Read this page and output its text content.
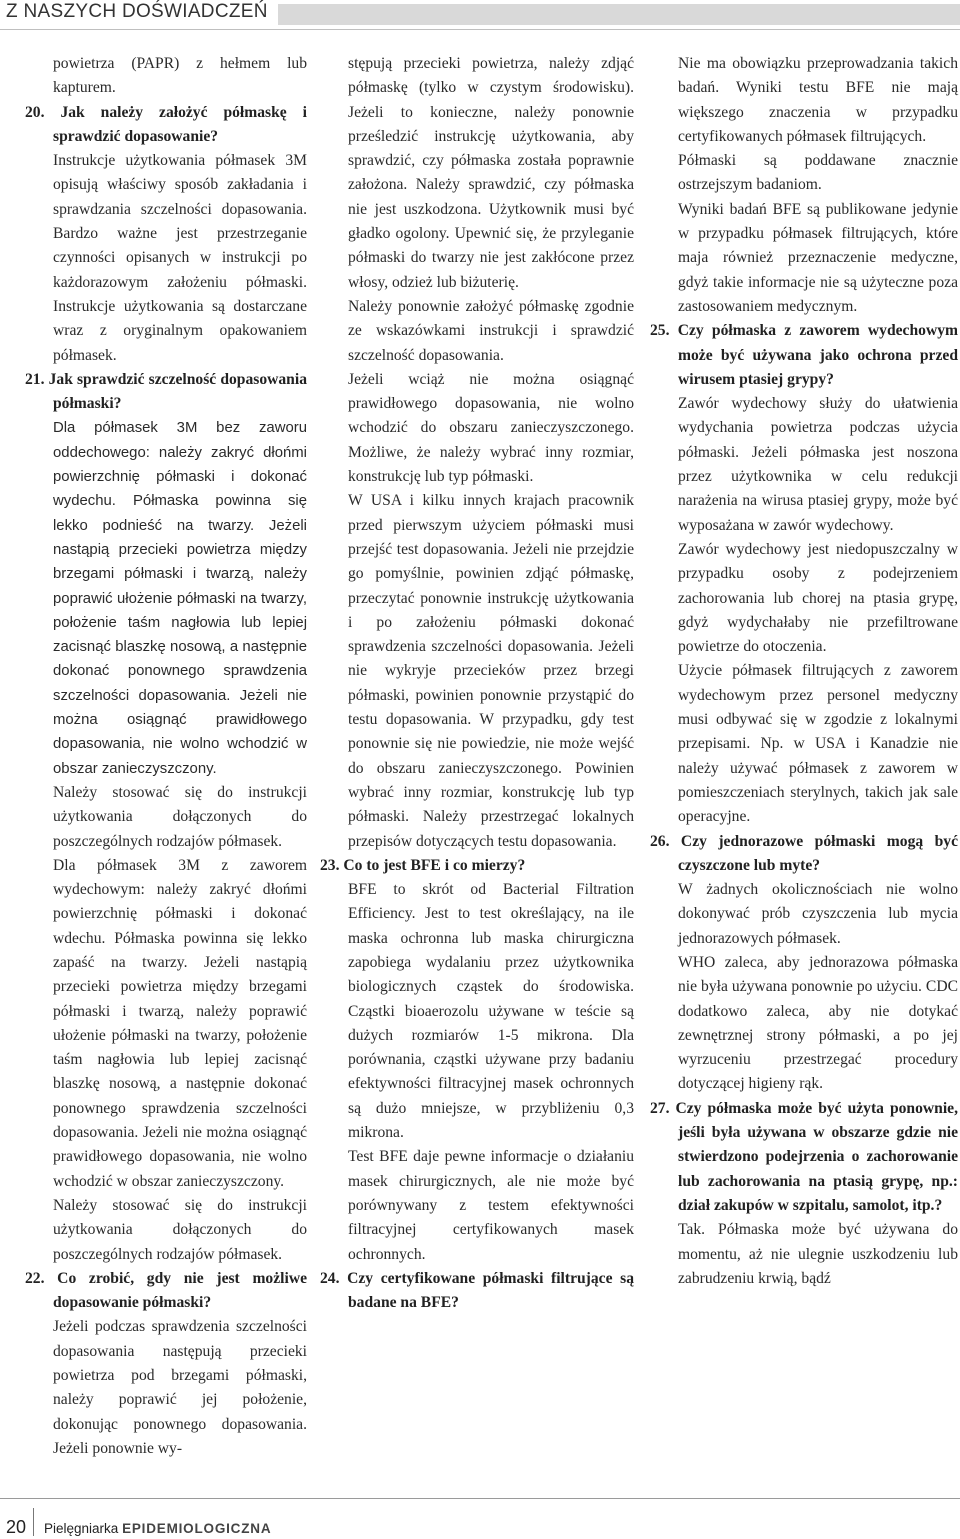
Z NASZYCH DOŚWIADCZEŃ

powietrza (PAPR) z hełmem lub kapturem.

20. Jak należy założyć półmaskę i sprawdzić dopasowanie?

Instrukcje użytkowania półmasek 3M opisują właściwy sposób zakładania i sprawdzania szczelności dopasowania. Bardzo ważne jest przestrzeganie czynności opisanych w instrukcji po każdorazowym założeniu półmaski. Instrukcje użytkowania są dostarczane wraz z oryginalnym opakowaniem półmasek.

21. Jak sprawdzić szczelność dopasowania półmaski?

Dla półmasek 3M bez zaworu oddechowego: należy zakryć dłońmi powierzchnię półmaski i dokonać wydechu. Półmaska powinna się lekko podnieść na twarzy. Jeżeli nastąpią przecieki powietrza między brzegami półmaski i twarzą, należy poprawić ułożenie półmaski na twarzy, położenie taśm nagłowia lub lepiej zacisnąć blaszkę nosową, a następnie dokonać ponownego sprawdzenia szczelności dopasowania. Jeżeli nie można osiągnąć prawidłowego dopasowania, nie wolno wchodzić w obszar zanieczyszczony.

Należy stosować się do instrukcji użytkowania dołączonych do poszczególnych rodzajów półmasek.

Dla półmasek 3M z zaworem wydechowym: należy zakryć dłońmi powierzchnię półmaski i dokonać wdechu. Półmaska powinna się lekko zapaść na twarzy. Jeżeli nastąpią przecieki powietrza między brzegami półmaski i twarzą, należy poprawić ułożenie półmaski na twarzy, położenie taśm nagłowia lub lepiej zacisnąć blaszkę nosową, a następnie dokonać ponownego sprawdzenia szczelności dopasowania. Jeżeli nie można osiągnąć prawidłowego dopasowania, nie wolno wchodzić w obszar zanieczyszczony.

Należy stosować się do instrukcji użytkowania dołączonych do poszczególnych rodzajów półmasek.

22. Co zrobić, gdy nie jest możliwe dopasowanie półmaski?

Jeżeli podczas sprawdzenia szczelności dopasowania następują przecieki powietrza pod brzegami półmaski, należy poprawić jej położenie, dokonując ponownego dopasowania. Jeżeli ponownie wy-

stępują przecieki powietrza, należy zdjąć półmaskę (tylko w czystym środowisku). Jeżeli to konieczne, należy ponownie prześledzić instrukcję użytkowania, aby sprawdzić, czy półmaska została poprawnie założona. Należy sprawdzić, czy półmaska nie jest uszkodzona. Użytkownik musi być gładko ogolony. Upewnić się, że przyleganie półmaski do twarzy nie jest zakłócone przez włosy, odzież lub biżuterię.

Należy ponownie założyć półmaskę zgodnie ze wskazówkami instrukcji i sprawdzić szczelność dopasowania.

Jeżeli wciąż nie można osiągnąć prawidłowego dopasowania, nie wolno wchodzić do obszaru zanieczyszczonego. Możliwe, że należy wybrać inny rozmiar, konstrukcję lub typ półmaski.

W USA i kilku innych krajach pracownik przed pierwszym użyciem półmaski musi przejść test dopasowania. Jeżeli nie przejdzie go pomyślnie, powinien zdjąć półmaskę, przeczytać ponownie instrukcję użytkowania i po założeniu półmaski dokonać sprawdzenia szczelności dopasowania. Jeżeli nie wykryje przecieków przez brzegi półmaski, powinien ponownie przystąpić do testu dopasowania. W przypadku, gdy test ponownie się nie powiedzie, nie może wejść do obszaru zanieczyszczonego. Powinien wybrać inny rozmiar, konstrukcję lub typ półmaski. Należy przestrzegać lokalnych przepisów dotyczących testu dopasowania.

23. Co to jest BFE i co mierzy?

BFE to skrót od Bacterial Filtration Efficiency. Jest to test określający, na ile maska ochronna lub maska chirurgiczna zapobiega wydalaniu przez użytkownika biologicznych cząstek do środowiska. Cząstki bioaerozolu używane w teście są dużych rozmiarów 1-5 mikrona. Dla porównania, cząstki używane przy badaniu efektywności filtracyjnej masek ochronnych są dużo mniejsze, w przybliżeniu 0,3 mikrona.

Test BFE daje pewne informacje o działaniu masek chirurgicznych, ale nie może być porównywany z testem efektywności filtracyjnej certyfikowanych masek ochronnych.

24. Czy certyfikowane półmaski filtrujące są badane na BFE?

Nie ma obowiązku przeprowadzania takich badań. Wyniki testu BFE nie mają większego znaczenia w przypadku certyfikowanych półmasek filtrujących.

Półmaski są poddawane znacznie ostrzejszym badaniom.

Wyniki badań BFE są publikowane jedynie w przypadku półmasek filtrujących, które maja również przeznaczenie medyczne, gdyż takie informacje nie są użyteczne poza zastosowaniem medycznym.

25. Czy półmaska z zaworem wydechowym może być używana jako ochrona przed wirusem ptasiej grypy?

Zawór wydechowy służy do ułatwienia wydychania powietrza podczas użycia półmaski. Jeżeli półmaska jest noszona przez użytkownika w celu redukcji narażenia na wirusa ptasiej grypy, może być wyposażana w zawór wydechowy.

Zawór wydechowy jest niedopuszczalny w przypadku osoby z podejrzeniem zachorowania lub chorej na ptasia grypę, gdyż wydychałaby nie przefiltrowane powietrze do otoczenia.

Użycie półmasek filtrujących z zaworem wydechowym przez personel medyczny musi odbywać się w zgodzie z lokalnymi przepisami. Np. w USA i Kanadzie nie należy używać półmasek z zaworem w pomieszczeniach sterylnych, takich jak sale operacyjne.

26. Czy jednorazowe półmaski mogą być czyszczone lub myte?

W żadnych okolicznościach nie wolno dokonywać prób czyszczenia lub mycia jednorazowych półmasek.

WHO zaleca, aby jednorazowa półmaska nie była używana ponownie po użyciu. CDC dodatkowo zaleca, aby nie dotykać zewnętrznej strony półmaski, a po jej wyrzuceniu przestrzegać procedury dotyczącej higieny rąk.

27. Czy półmaska może być użyta ponownie, jeśli była używana w obszarze gdzie nie stwierdzono podejrzenia o zachorowanie lub zachorowania na ptasią grypę, np.: dział zakupów w szpitalu, samolot, itp.?

Tak. Półmaska może być używana do momentu, aż nie ulegnie uszkodzeniu lub zabrudzeniu krwią, bądź

20 Pielęgniarka EPIDEMIOLOGICZNA
